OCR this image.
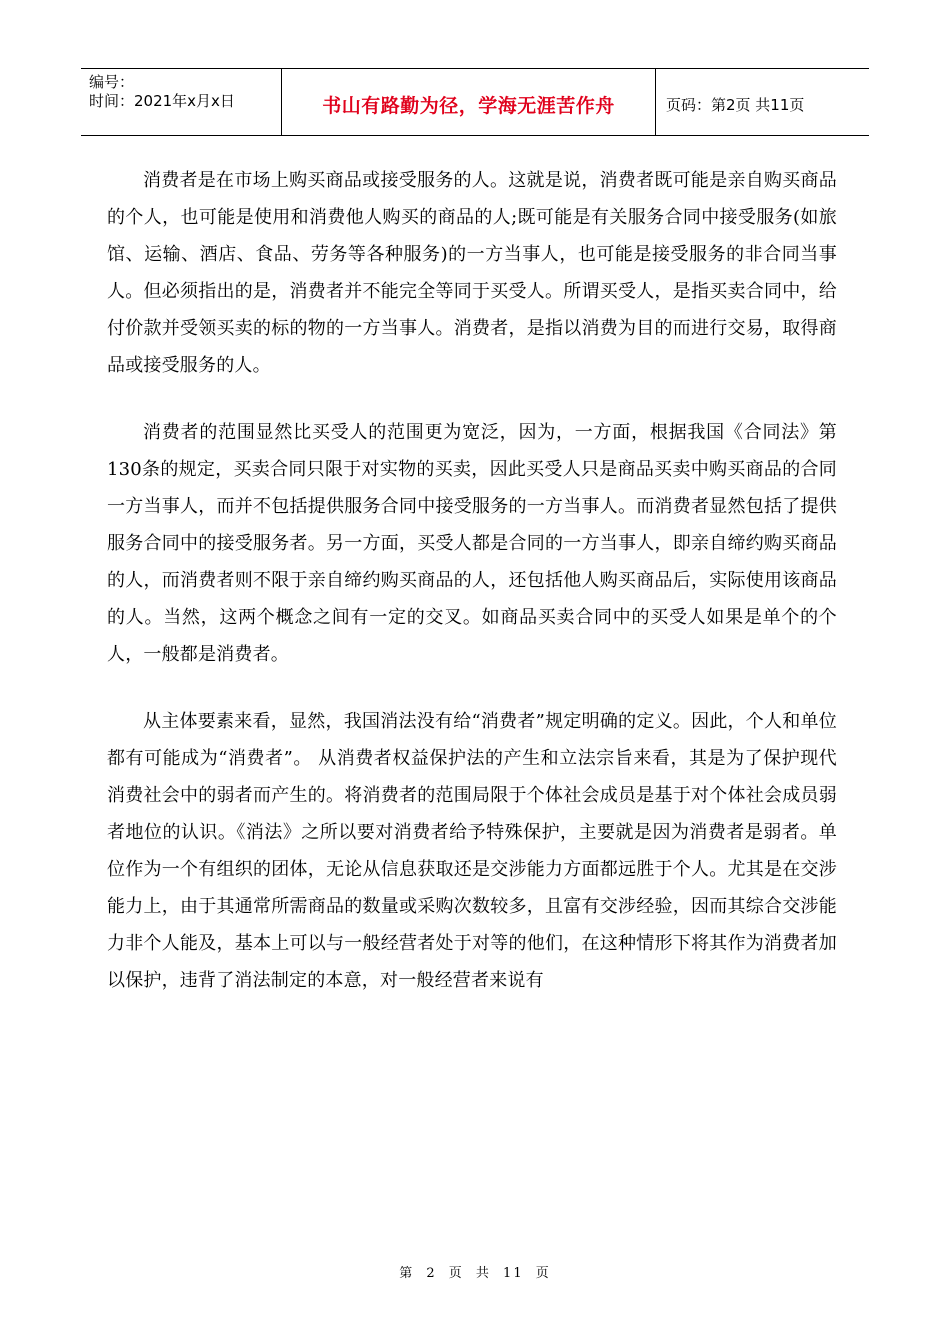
编号：
时间：2021年x月x日	书山有路勤为径，学海无涯苦作舟	页码：第2页 共11页

消费者是在市场上购买商品或接受服务的人。这就是说，消费者既可能是亲自购买商品的个人，也可能是使用和消费他人购买的商品的人;既可能是有关服务合同中接受服务(如旅馆、运输、酒店、食品、劳务等各种服务)的一方当事人，也可能是接受服务的非合同当事人。但必须指出的是，消费者并不能完全等同于买受人。所谓买受人，是指买卖合同中，给付价款并受领买卖的标的物的一方当事人。消费者，是指以消费为目的而进行交易，取得商品或接受服务的人。

消费者的范围显然比买受人的范围更为宽泛，因为，一方面，根据我国《合同法》第130条的规定，买卖合同只限于对实物的买卖，因此买受人只是商品买卖中购买商品的合同一方当事人，而并不包括提供服务合同中接受服务的一方当事人。而消费者显然包括了提供服务合同中的接受服务者。另一方面，买受人都是合同的一方当事人，即亲自缔约购买商品的人，而消费者则不限于亲自缔约购买商品的人，还包括他人购买商品后，实际使用该商品的人。当然，这两个概念之间有一定的交叉。如商品买卖合同中的买受人如果是单个的个人，一般都是消费者。

从主体要素来看，显然，我国消法没有给“消费者”规定明确的定义。因此，个人和单位都有可能成为“消费者”。 从消费者权益保护法的产生和立法宗旨来看，其是为了保护现代消费社会中的弱者而产生的。将消费者的范围局限于个体社会成员是基于对个体社会成员弱者地位的认识。《消法》之所以要对消费者给予特殊保护，主要就是因为消费者是弱者。单位作为一个有组织的团体，无论从信息获取还是交涉能力方面都远胜于个人。尤其是在交涉能力上，由于其通常所需商品的数量或采购次数较多，且富有交涉经验，因而其综合交涉能力非个人能及，基本上可以与一般经营者处于对等的他们，在这种情形下将其作为消费者加以保护，违背了消法制定的本意，对一般经营者来说有

第 2 页 共 11 页
